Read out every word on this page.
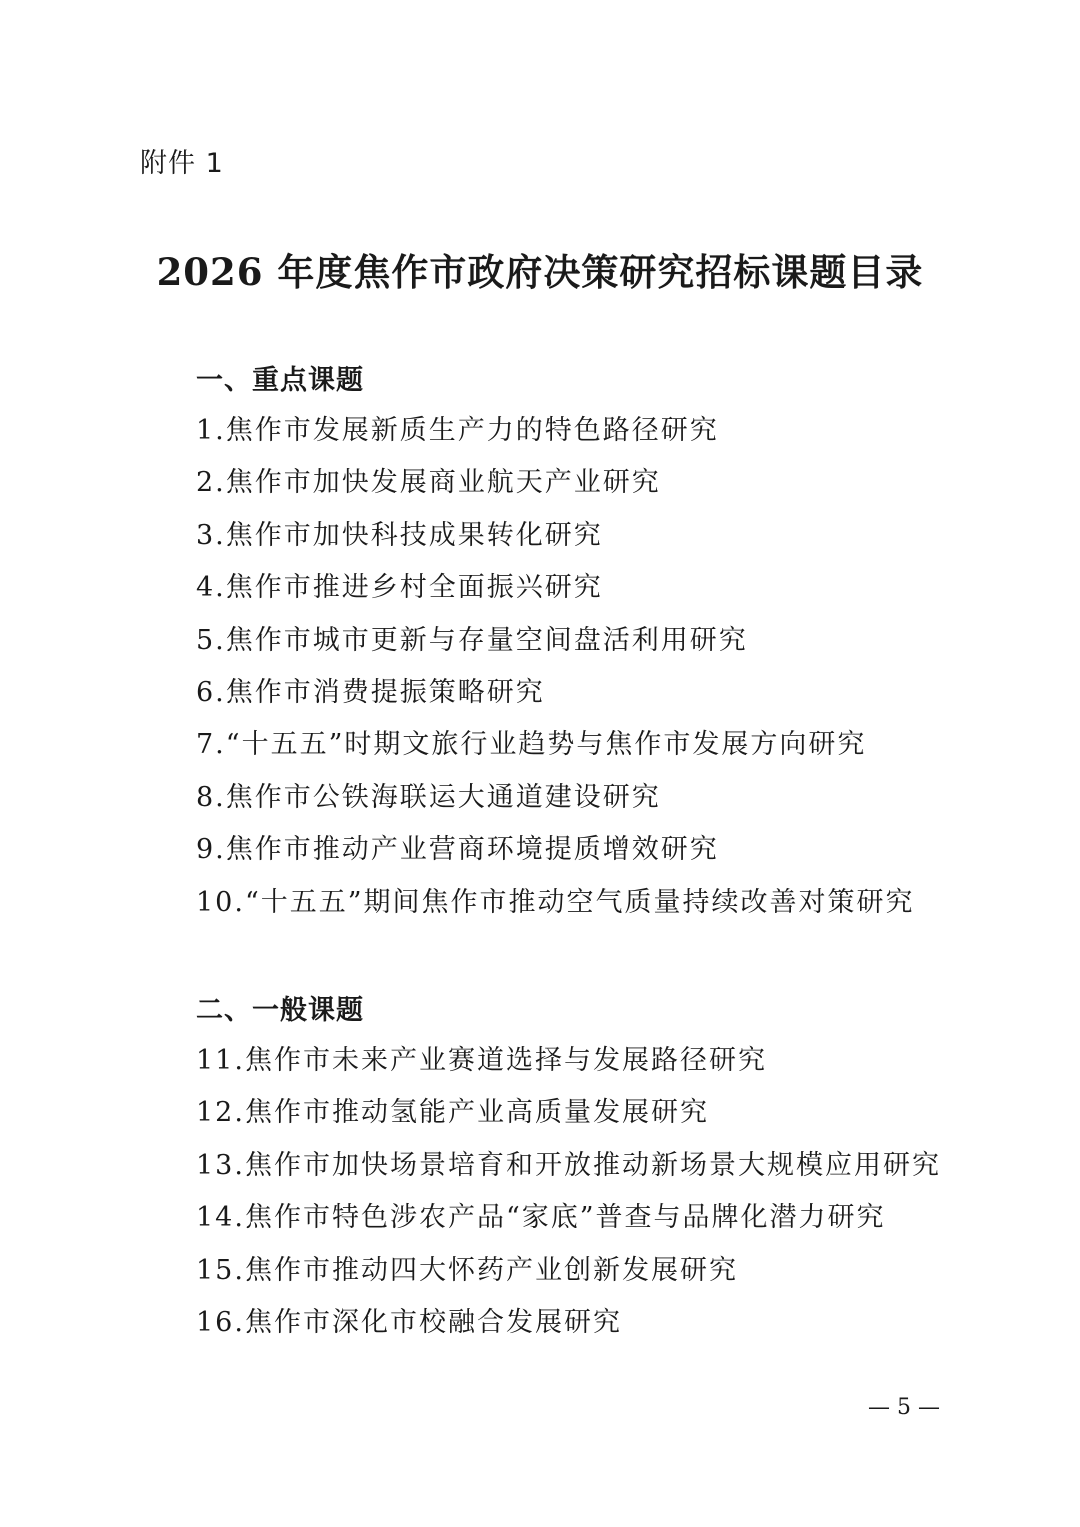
附件 1
2026 年度焦作市政府决策研究招标课题目录
一、重点课题
1.焦作市发展新质生产力的特色路径研究
2.焦作市加快发展商业航天产业研究
3.焦作市加快科技成果转化研究
4.焦作市推进乡村全面振兴研究
5.焦作市城市更新与存量空间盘活利用研究
6.焦作市消费提振策略研究
7.“十五五”时期文旅行业趋势与焦作市发展方向研究
8.焦作市公铁海联运大通道建设研究
9.焦作市推动产业营商环境提质增效研究
10.“十五五”期间焦作市推动空气质量持续改善对策研究
二、一般课题
11.焦作市未来产业赛道选择与发展路径研究
12.焦作市推动氢能产业高质量发展研究
13.焦作市加快场景培育和开放推动新场景大规模应用研究
14.焦作市特色涉农产品“家底”普查与品牌化潜力研究
15.焦作市推动四大怀药产业创新发展研究
16.焦作市深化市校融合发展研究
— 5 —
